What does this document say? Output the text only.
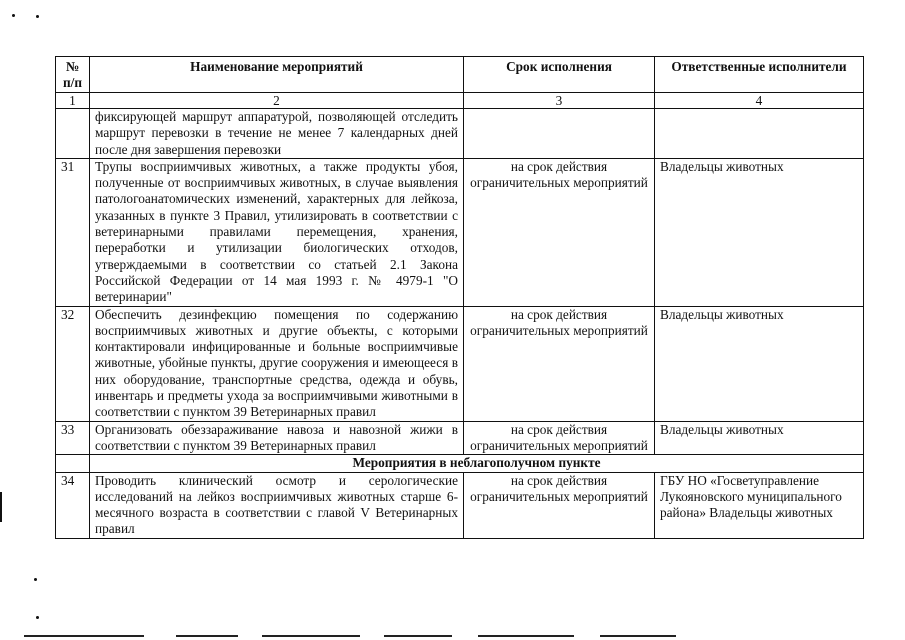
№ п/п	Наименование мероприятий	Срок исполнения	Ответственные исполнители
1	2	3	4
	фиксирующей маршрут аппаратурой, позволяющей отследить маршрут перевозки в течение не менее 7 календарных дней после дня завершения перевозки		
31	Трупы восприимчивых животных, а также продукты убоя, полученные от восприимчивых животных, в случае выявления патологоанатомических изменений, характерных для лейкоза, указанных в пункте 3 Правил, утилизировать в соответствии с ветеринарными правилами перемещения, хранения, переработки и утилизации биологических отходов, утверждаемыми в соответствии со статьей 2.1 Закона Российской Федерации от 14 мая 1993 г. № 4979-1 "О ветеринарии"	на срок действия ограничительных мероприятий	Владельцы животных
32	Обеспечить дезинфекцию помещения по содержанию восприимчивых животных и другие объекты, с которыми контактировали инфицированные и больные восприимчивые животные, убойные пункты, другие сооружения и имеющееся в них оборудование, транспортные средства, одежда и обувь, инвентарь и предметы ухода за восприимчивыми животными в соответствии с пунктом 39 Ветеринарных правил	на срок действия ограничительных мероприятий	Владельцы животных
33	Организовать обеззараживание навоза и навозной жижи в соответствии с пунктом 39 Ветеринарных правил	на срок действия ограничительных мероприятий	Владельцы животных
	Мероприятия в неблагополучном пункте		
34	Проводить клинический осмотр и серологические исследований на лейкоз восприимчивых животных старше 6-месячного возраста в соответствии с главой V Ветеринарных правил	на срок действия ограничительных мероприятий	ГБУ НО «Госветуправление Лукояновского муниципального района» Владельцы животных
